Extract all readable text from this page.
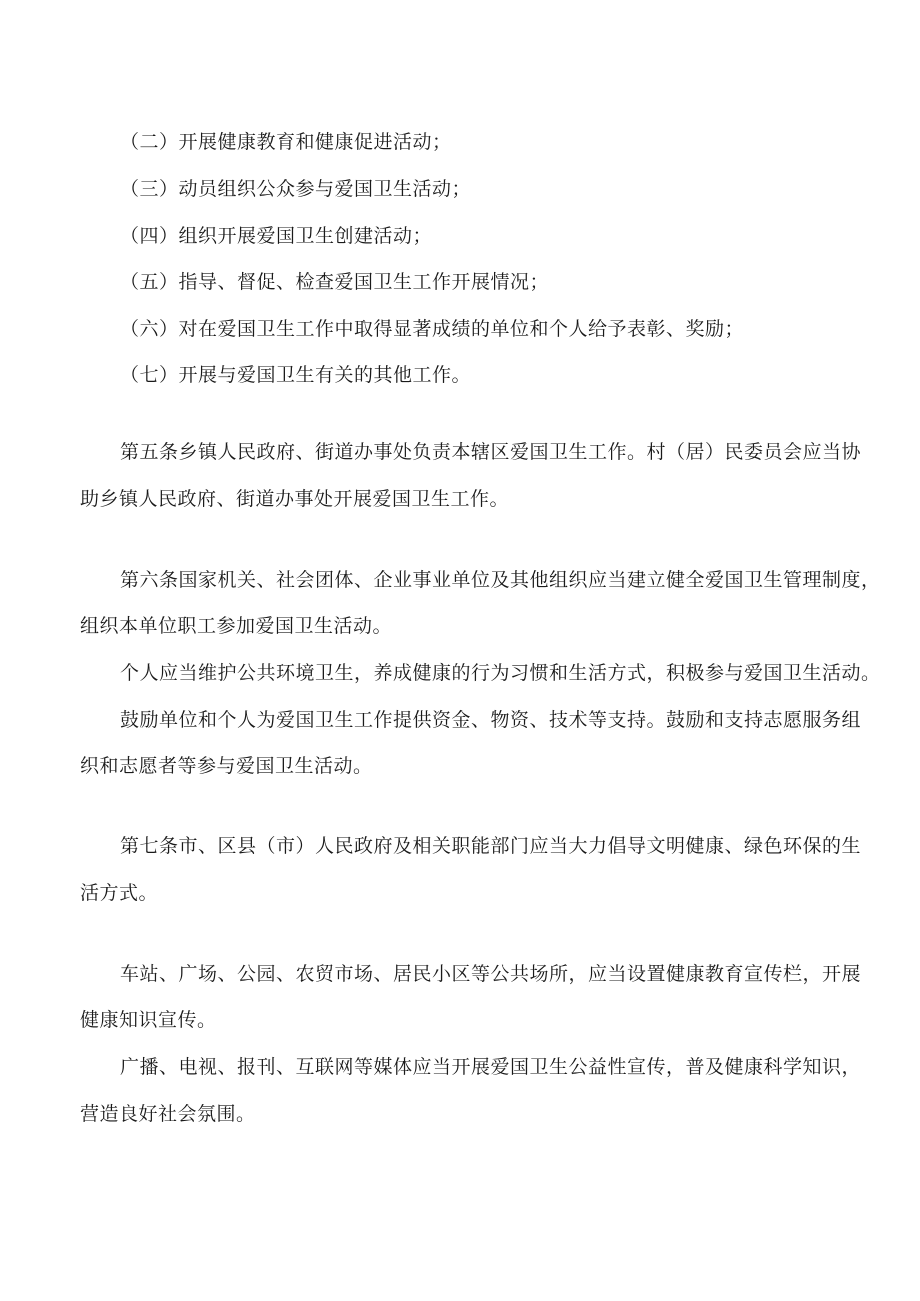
（二）开展健康教育和健康促进活动；
（三）动员组织公众参与爱国卫生活动；
（四）组织开展爱国卫生创建活动；
（五）指导、督促、检查爱国卫生工作开展情况；
（六）对在爱国卫生工作中取得显著成绩的单位和个人给予表彰、奖励；
（七）开展与爱国卫生有关的其他工作。
第五条乡镇人民政府、街道办事处负责本辖区爱国卫生工作。村（居）民委员会应当协
助乡镇人民政府、街道办事处开展爱国卫生工作。
第六条国家机关、社会团体、企业事业单位及其他组织应当建立健全爱国卫生管理制度，
组织本单位职工参加爱国卫生活动。
个人应当维护公共环境卫生，养成健康的行为习惯和生活方式，积极参与爱国卫生活动。
鼓励单位和个人为爱国卫生工作提供资金、物资、技术等支持。鼓励和支持志愿服务组
织和志愿者等参与爱国卫生活动。
第七条市、区县（市）人民政府及相关职能部门应当大力倡导文明健康、绿色环保的生
活方式。
车站、广场、公园、农贸市场、居民小区等公共场所，应当设置健康教育宣传栏，开展
健康知识宣传。
广播、电视、报刊、互联网等媒体应当开展爱国卫生公益性宣传，普及健康科学知识，
营造良好社会氛围。
